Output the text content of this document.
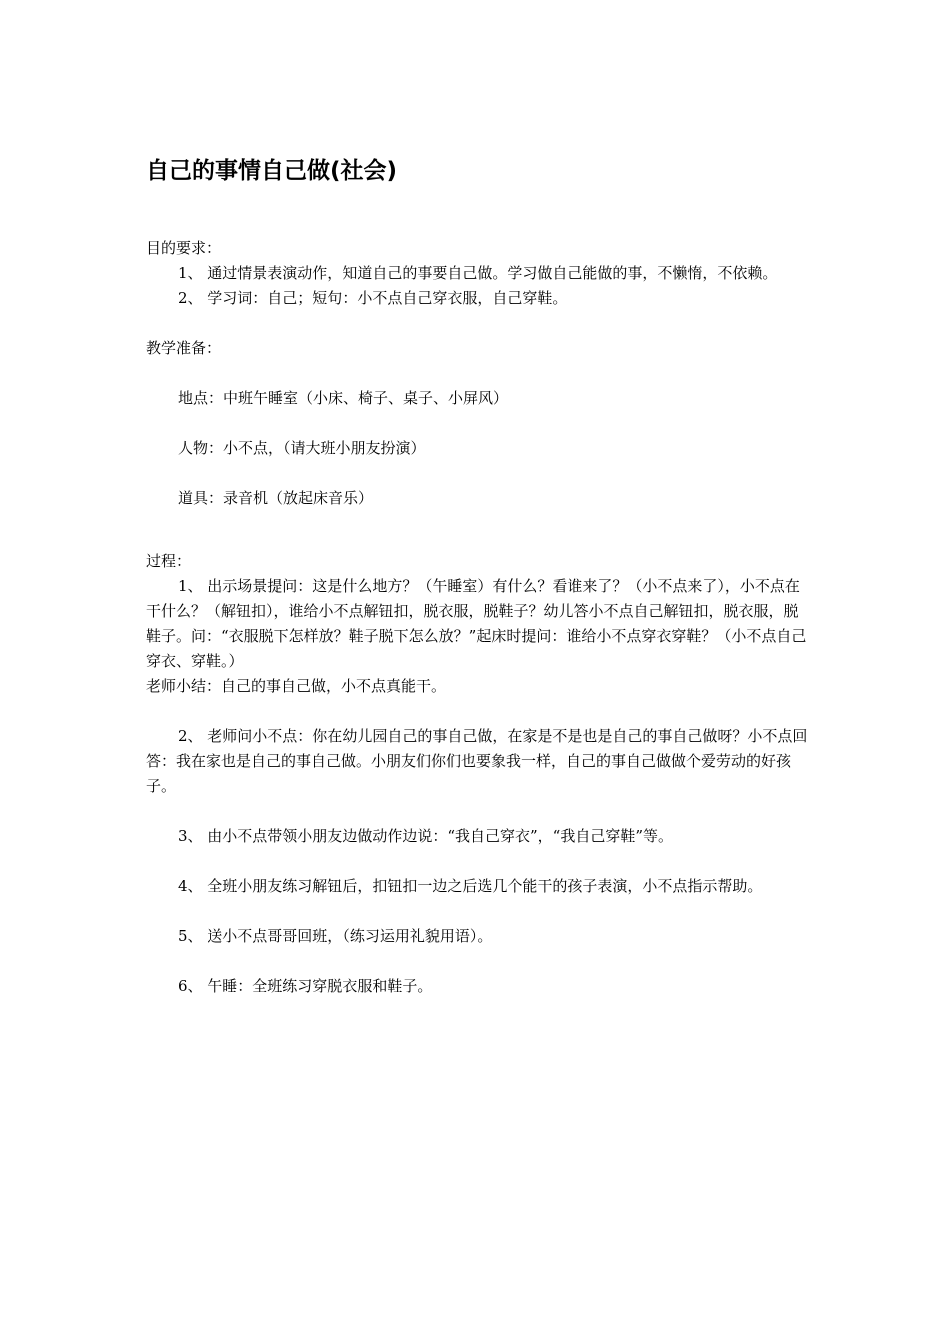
自己的事情自己做(社会)

目的要求：

1、 通过情景表演动作，知道自己的事要自己做。学习做自己能做的事，不懒惰，不依赖。

2、 学习词：自己；短句：小不点自己穿衣服，自己穿鞋。

教学准备：

地点：中班午睡室（小床、椅子、桌子、小屏风）

人物：小不点，（请大班小朋友扮演）

道具：录音机（放起床音乐）

过程：

1、 出示场景提问：这是什么地方？（午睡室）有什么？看谁来了？（小不点来了），小不点在干什么？（解钮扣），谁给小不点解钮扣，脱衣服，脱鞋子？幼儿答小不点自己解钮扣，脱衣服，脱鞋子。问：“衣服脱下怎样放？鞋子脱下怎么放？”起床时提问：谁给小不点穿衣穿鞋？（小不点自己穿衣、穿鞋。）

老师小结：自己的事自己做，小不点真能干。

2、 老师问小不点：你在幼儿园自己的事自己做，在家是不是也是自己的事自己做呀？小不点回答：我在家也是自己的事自己做。小朋友们你们也要象我一样，自己的事自己做做个爱劳动的好孩子。

3、 由小不点带领小朋友边做动作边说：“我自己穿衣”，“我自己穿鞋”等。

4、 全班小朋友练习解钮后，扣钮扣一边之后选几个能干的孩子表演，小不点指示帮助。

5、 送小不点哥哥回班，（练习运用礼貌用语）。

6、 午睡：全班练习穿脱衣服和鞋子。
